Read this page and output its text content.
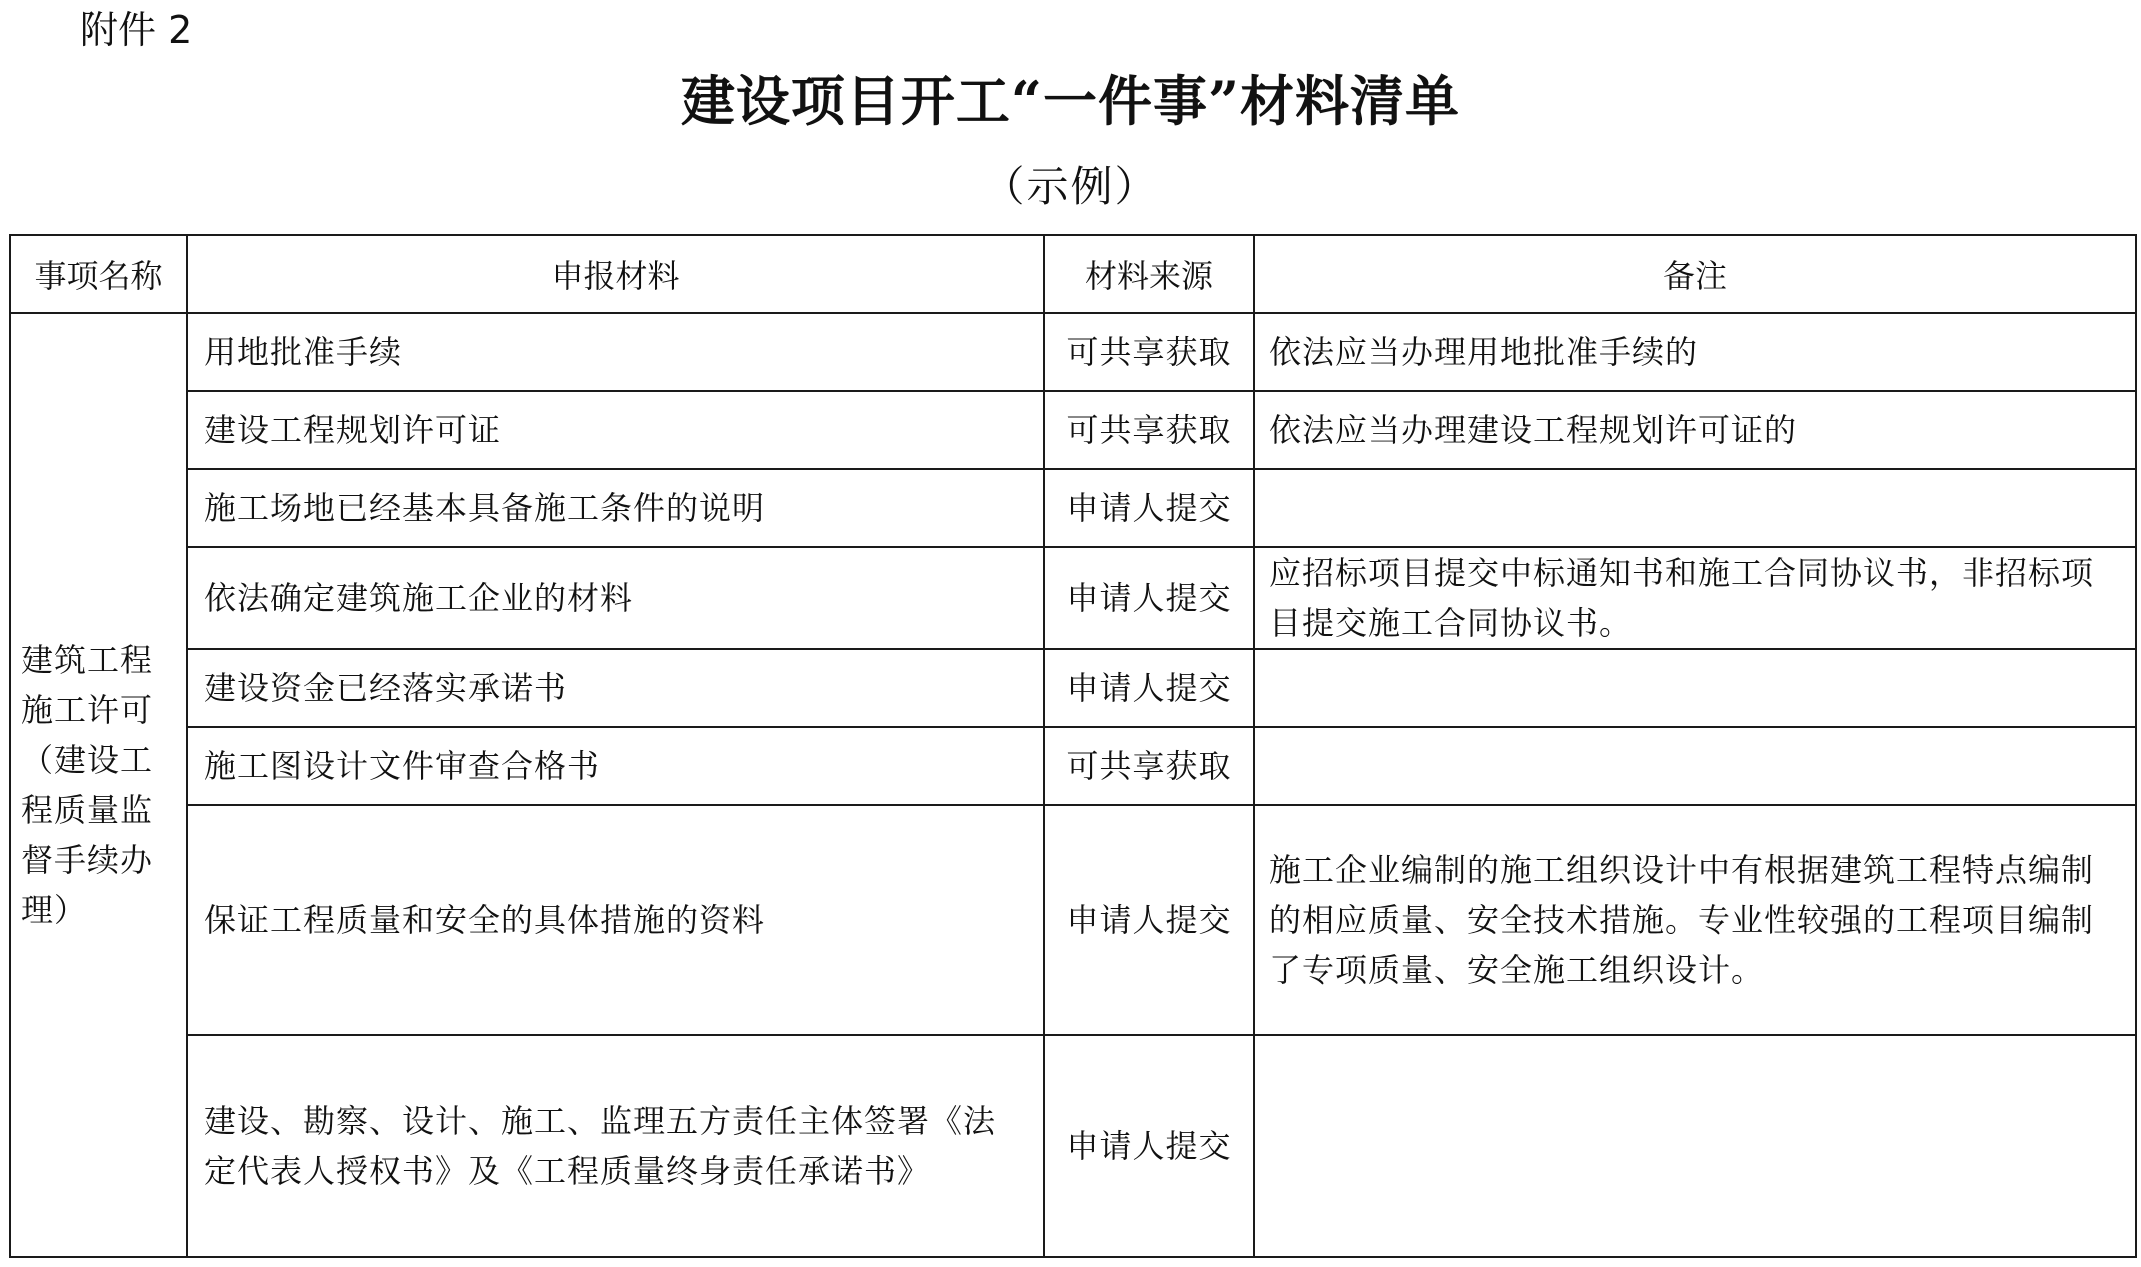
附件 2
建设项目开工“一件事”材料清单
（示例）
事项名称	申报材料	材料来源	备注
建筑工程施工许可（建设工程质量监督手续办理）	用地批准手续	可共享获取	依法应当办理用地批准手续的
	建设工程规划许可证	可共享获取	依法应当办理建设工程规划许可证的
	施工场地已经基本具备施工条件的说明	申请人提交	
	依法确定建筑施工企业的材料	申请人提交	应招标项目提交中标通知书和施工合同协议书，非招标项目提交施工合同协议书。
	建设资金已经落实承诺书	申请人提交	
	施工图设计文件审查合格书	可共享获取	
	保证工程质量和安全的具体措施的资料	申请人提交	施工企业编制的施工组织设计中有根据建筑工程特点编制的相应质量、安全技术措施。专业性较强的工程项目编制了专项质量、安全施工组织设计。
	建设、勘察、设计、施工、监理五方责任主体签署《法定代表人授权书》及《工程质量终身责任承诺书》	申请人提交	
